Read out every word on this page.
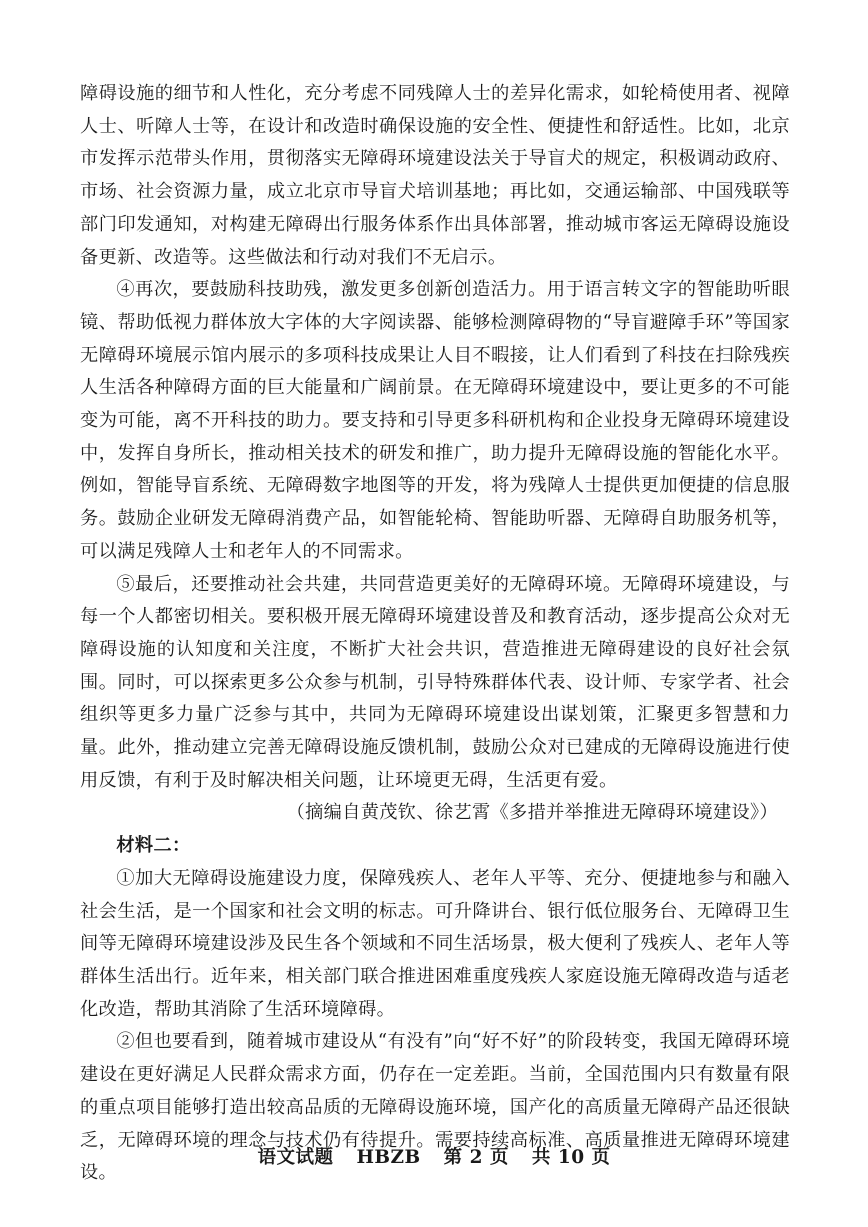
障碍设施的细节和人性化，充分考虑不同残障人士的差异化需求，如轮椅使用者、视障人士、听障人士等，在设计和改造时确保设施的安全性、便捷性和舒适性。比如，北京市发挥示范带头作用，贯彻落实无障碍环境建设法关于导盲犬的规定，积极调动政府、市场、社会资源力量，成立北京市导盲犬培训基地；再比如，交通运输部、中国残联等部门印发通知，对构建无障碍出行服务体系作出具体部署，推动城市客运无障碍设施设备更新、改造等。这些做法和行动对我们不无启示。

④再次，要鼓励科技助残，激发更多创新创造活力。用于语言转文字的智能助听眼镜、帮助低视力群体放大字体的大字阅读器、能够检测障碍物的“导盲避障手环”等国家无障碍环境展示馆内展示的多项科技成果让人目不暇接，让人们看到了科技在扫除残疾人生活各种障碍方面的巨大能量和广阔前景。在无障碍环境建设中，要让更多的不可能变为可能，离不开科技的助力。要支持和引导更多科研机构和企业投身无障碍环境建设中，发挥自身所长，推动相关技术的研发和推广，助力提升无障碍设施的智能化水平。例如，智能导盲系统、无障碍数字地图等的开发，将为残障人士提供更加便捷的信息服务。鼓励企业研发无障碍消费产品，如智能轮椅、智能助听器、无障碍自助服务机等，可以满足残障人士和老年人的不同需求。

⑤最后，还要推动社会共建，共同营造更美好的无障碍环境。无障碍环境建设，与每一个人都密切相关。要积极开展无障碍环境建设普及和教育活动，逐步提高公众对无障碍设施的认知度和关注度，不断扩大社会共识，营造推进无障碍建设的良好社会氛围。同时，可以探索更多公众参与机制，引导特殊群体代表、设计师、专家学者、社会组织等更多力量广泛参与其中，共同为无障碍环境建设出谋划策，汇聚更多智慧和力量。此外，推动建立完善无障碍设施反馈机制，鼓励公众对已建成的无障碍设施进行使用反馈，有利于及时解决相关问题，让环境更无碍，生活更有爱。

（摘编自黄茂钦、徐艺霄《多措并举推进无障碍环境建设》）

材料二：

①加大无障碍设施建设力度，保障残疾人、老年人平等、充分、便捷地参与和融入社会生活，是一个国家和社会文明的标志。可升降讲台、银行低位服务台、无障碍卫生间等无障碍环境建设涉及民生各个领域和不同生活场景，极大便利了残疾人、老年人等群体生活出行。近年来，相关部门联合推进困难重度残疾人家庭设施无障碍改造与适老化改造，帮助其消除了生活环境障碍。

②但也要看到，随着城市建设从“有没有”向“好不好”的阶段转变，我国无障碍环境建设在更好满足人民群众需求方面，仍存在一定差距。当前，全国范围内只有数量有限的重点项目能够打造出较高品质的无障碍设施环境，国产化的高质量无障碍产品还很缺乏，无障碍环境的理念与技术仍有待提升。需要持续高标准、高质量推进无障碍环境建设。

语文试题 HBZB 第 2 页 共 10 页
